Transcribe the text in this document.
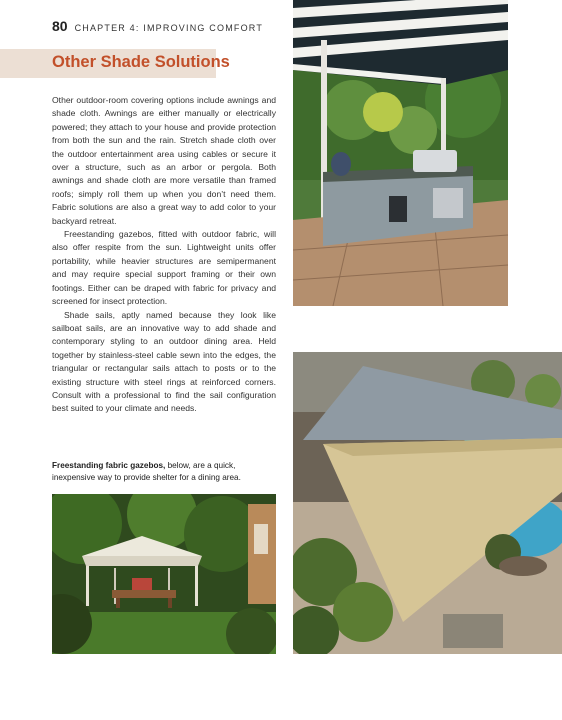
80 CHAPTER 4: IMPROVING COMFORT
Other Shade Solutions

Other outdoor-room covering options include awnings and shade cloth. Awnings are either manually or electrically powered; they attach to your house and provide protection from both the sun and the rain. Stretch shade cloth over the outdoor entertainment area using cables or secure it over a structure, such as an arbor or pergola. Both awnings and shade cloth are more versatile than framed roofs; simply roll them up when you don’t need them. Fabric solutions are also a great way to add color to your backyard retreat.

Freestanding gazebos, fitted with outdoor fabric, will also offer respite from the sun. Lightweight units offer portability, while heavier structures are semipermanent and may require special support framing or their own footings. Either can be draped with fabric for privacy and screened for insect protection.

Shade sails, aptly named because they look like sailboat sails, are an innovative way to add shade and contemporary styling to an outdoor dining area. Held together by stainless-steel cable sewn into the edges, the triangular or rectangular sails attach to posts or to the existing structure with steel rings at reinforced corners. Consult with a professional to find the sail configuration best suited to your climate and needs.

Freestanding fabric gazebos, below, are a quick, inexpensive way to provide shelter for a dining area.
